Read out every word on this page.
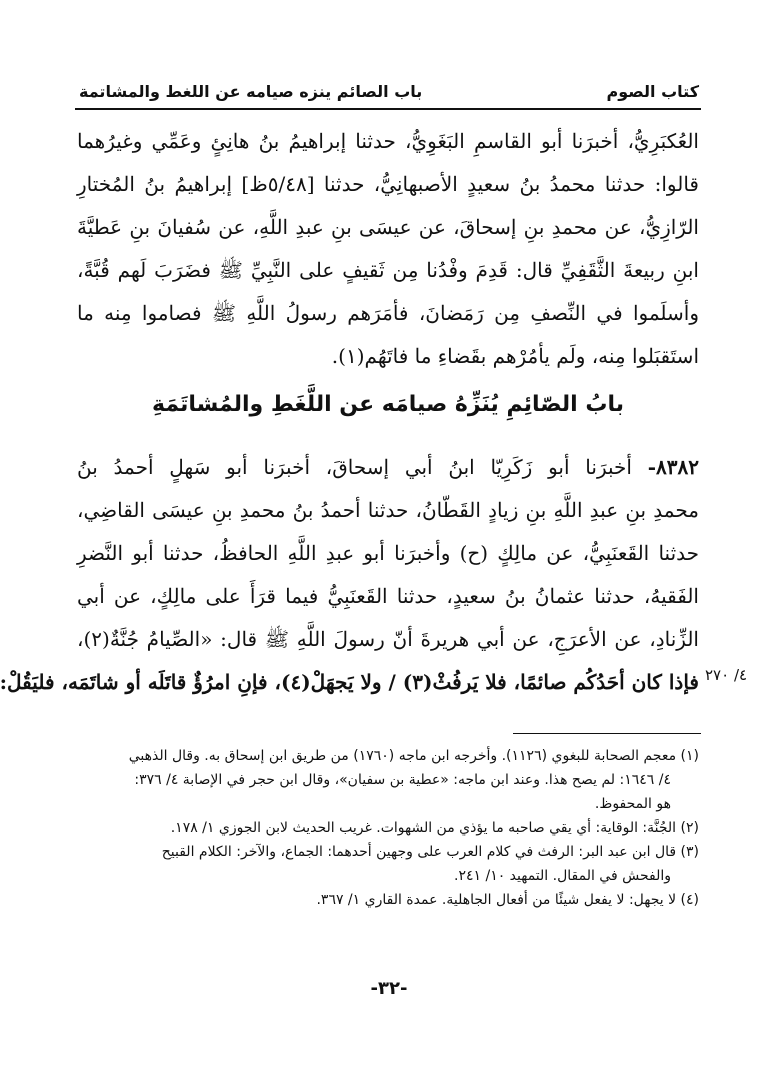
كتاب الصوم
باب الصائم ينزه صيامه عن اللغط والمشاتمة
العُكبَرِيُّ، أخبرَنا أبو القاسمِ البَغَوِيُّ، حدثنا إبراهيمُ بنُ هانِئٍ وعَمِّي وغيرُهما
قالوا: حدثنا محمدُ بنُ سعيدٍ الأصبهانِيُّ، حدثنا [٥/٤٨ظ] إبراهيمُ بنُ المُختارِ
الرّازِيُّ، عن محمدِ بنِ إسحاقَ، عن عيسَى بنِ عبدِ اللَّهِ، عن سُفيانَ بنِ عَطيَّةَ
ابنِ ربيعةَ الثَّقَفِيِّ قال: قَدِمَ وفْدُنا مِن ثَقيفٍ على النَّبِيِّ ﷺ فضَرَبَ لَهم قُبَّةً،
وأسلَموا في النِّصفِ مِن رَمَضانَ، فأمَرَهم رسولُ اللَّهِ ﷺ فصاموا مِنه ما
استَقبَلوا مِنه، ولَم يأمُرْهم بقَضاءِ ما فاتَهُم(١).
بابُ الصّائِمِ يُنَزِّهُ صيامَه عن اللَّغَطِ والمُشاتَمَةِ
٨٣٨٢- أخبرَنا أبو زَكَرِيّا ابنُ أبي إسحاقَ، أخبرَنا أبو سَهلٍ أحمدُ بنُ
محمدِ بنِ عبدِ اللَّهِ بنِ زيادٍ القَطّانُ، حدثنا أحمدُ بنُ محمدِ بنِ عيسَى القاضِي،
حدثنا القَعنَبِيُّ، عن مالِكٍ (ح) وأخبرَنا أبو عبدِ اللَّهِ الحافظُ، حدثنا أبو النَّضرِ
الفَقيهُ، حدثنا عثمانُ بنُ سعيدٍ، حدثنا القَعنَبِيُّ فيما قرَأَ على مالِكٍ، عن أبي
الزِّنادِ، عن الأعرَجِ، عن أبي هريرةَ أنّ رسولَ اللَّهِ ﷺ قال: «الصِّيامُ جُنَّةٌ(٢)،
فإذا كان أحَدُكُم صائمًا، فلا يَرفُثْ(٣) / ولا يَجهَلْ(٤)، فإنِ امرُؤٌ قاتَلَه أو شاتَمَه، فليَقُلْ: ٤/ ٢٧٠
(١) معجم الصحابة للبغوي (١١٢٦). وأخرجه ابن ماجه (١٧٦٠) من طريق ابن إسحاق به. وقال الذهبي
٤/ ١٦٤٦: لم يصح هذا. وعند ابن ماجه: «عطية بن سفيان»، وقال ابن حجر في الإصابة ٤/ ٣٧٦:
هو المحفوظ.
(٢) الجُنَّة: الوقاية: أي يقي صاحبه ما يؤذي من الشهوات. غريب الحديث لابن الجوزي ١/ ١٧٨.
(٣) قال ابن عبد البر: الرفث في كلام العرب على وجهين أحدهما: الجماع، والآخر: الكلام القبيح
والفحش في المقال. التمهيد ١٠/ ٢٤١.
(٤) لا يجهل: لا يفعل شيئًا من أفعال الجاهلية. عمدة القاري ١/ ٣٦٧.
-٣٢-
